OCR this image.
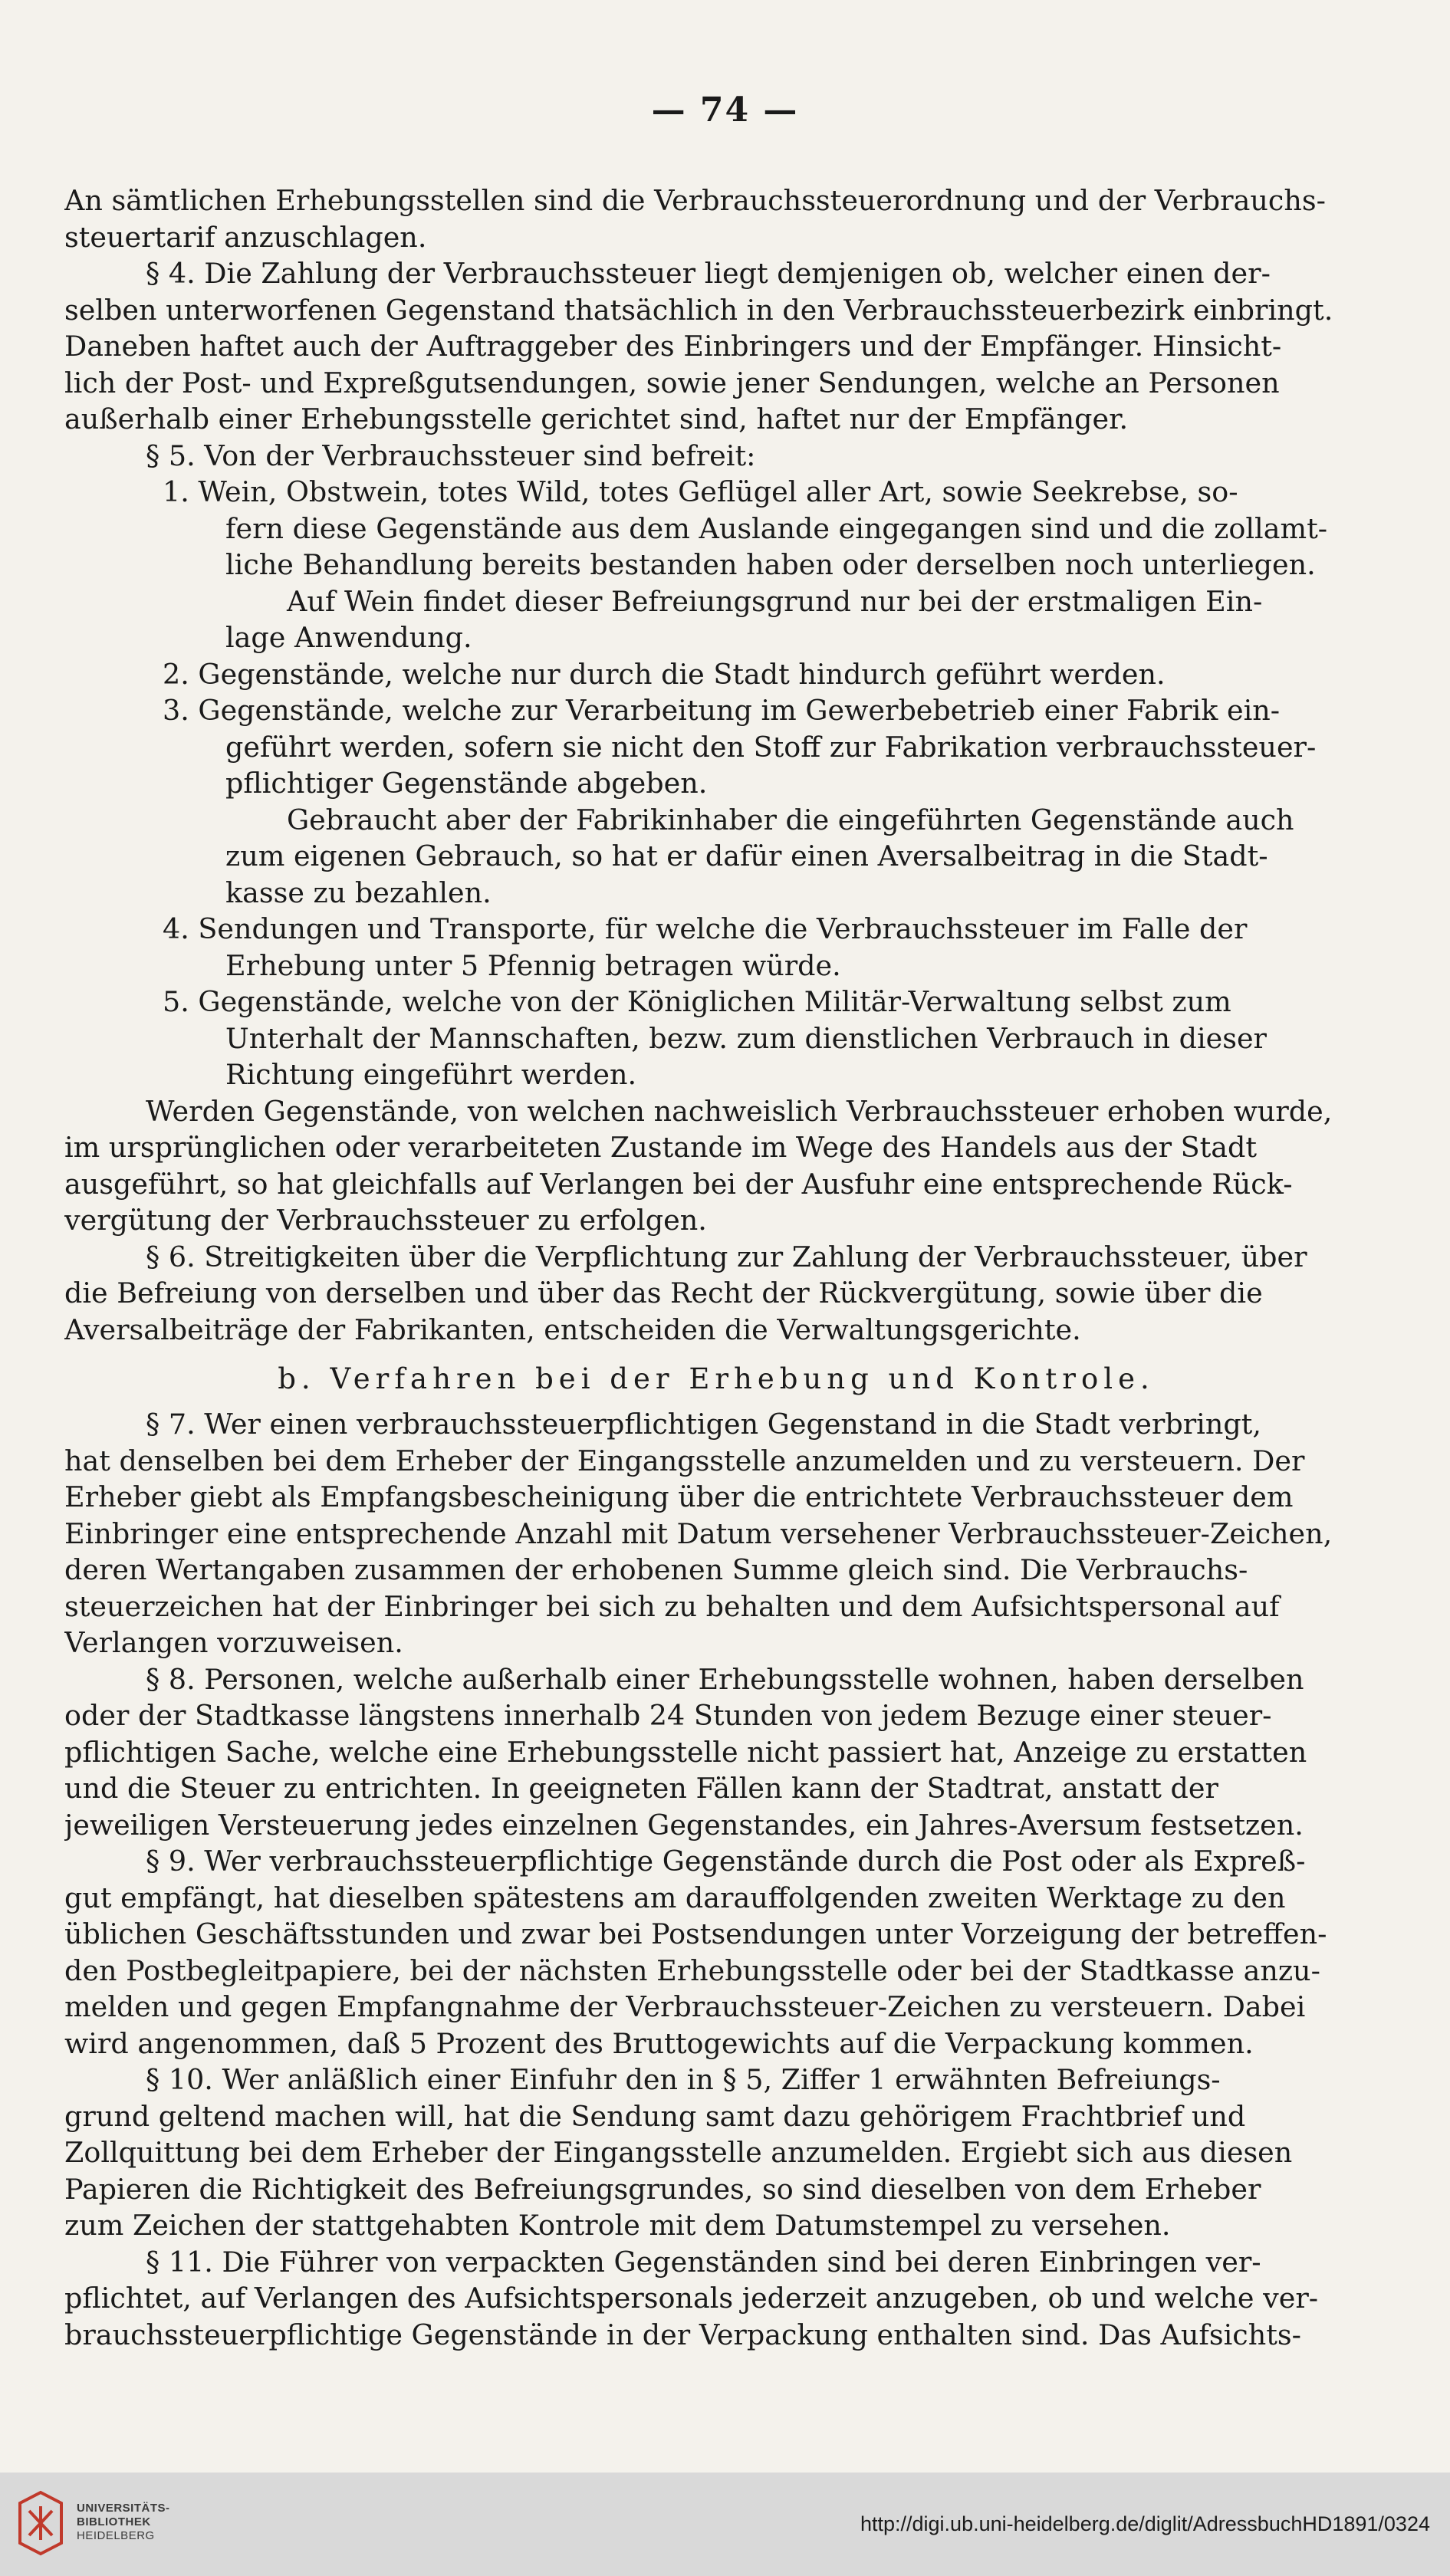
— 74 —
An sämtlichen Erhebungsstellen sind die Verbrauchssteuerordnung und der Verbrauchs-
steuertarif anzuschlagen.
§ 4. Die Zahlung der Verbrauchssteuer liegt demjenigen ob, welcher einen der-
selben unterworfenen Gegenstand thatsächlich in den Verbrauchssteuerbezirk einbringt.
Daneben haftet auch der Auftraggeber des Einbringers und der Empfänger. Hinsicht-
lich der Post- und Expreßgutsendungen, sowie jener Sendungen, welche an Personen
außerhalb einer Erhebungsstelle gerichtet sind, haftet nur der Empfänger.
§ 5. Von der Verbrauchssteuer sind befreit:
1. Wein, Obstwein, totes Wild, totes Geflügel aller Art, sowie Seekrebse, so-
fern diese Gegenstände aus dem Auslande eingegangen sind und die zollamt-
liche Behandlung bereits bestanden haben oder derselben noch unterliegen.
Auf Wein findet dieser Befreiungsgrund nur bei der erstmaligen Ein-
lage Anwendung.
2. Gegenstände, welche nur durch die Stadt hindurch geführt werden.
3. Gegenstände, welche zur Verarbeitung im Gewerbebetrieb einer Fabrik ein-
geführt werden, sofern sie nicht den Stoff zur Fabrikation verbrauchssteuer-
pflichtiger Gegenstände abgeben.
Gebraucht aber der Fabrikinhaber die eingeführten Gegenstände auch
zum eigenen Gebrauch, so hat er dafür einen Aversalbeitrag in die Stadt-
kasse zu bezahlen.
4. Sendungen und Transporte, für welche die Verbrauchssteuer im Falle der
Erhebung unter 5 Pfennig betragen würde.
5. Gegenstände, welche von der Königlichen Militär-Verwaltung selbst zum
Unterhalt der Mannschaften, bezw. zum dienstlichen Verbrauch in dieser
Richtung eingeführt werden.
Werden Gegenstände, von welchen nachweislich Verbrauchssteuer erhoben wurde,
im ursprünglichen oder verarbeiteten Zustande im Wege des Handels aus der Stadt
ausgeführt, so hat gleichfalls auf Verlangen bei der Ausfuhr eine entsprechende Rück-
vergütung der Verbrauchssteuer zu erfolgen.
§ 6. Streitigkeiten über die Verpflichtung zur Zahlung der Verbrauchssteuer, über
die Befreiung von derselben und über das Recht der Rückvergütung, sowie über die
Aversalbeiträge der Fabrikanten, entscheiden die Verwaltungsgerichte.
b. Verfahren bei der Erhebung und Kontrole.
§ 7. Wer einen verbrauchssteuerpflichtigen Gegenstand in die Stadt verbringt,
hat denselben bei dem Erheber der Eingangsstelle anzumelden und zu versteuern. Der
Erheber giebt als Empfangsbescheinigung über die entrichtete Verbrauchssteuer dem
Einbringer eine entsprechende Anzahl mit Datum versehener Verbrauchssteuer-Zeichen,
deren Wertangaben zusammen der erhobenen Summe gleich sind. Die Verbrauchs-
steuerzeichen hat der Einbringer bei sich zu behalten und dem Aufsichtspersonal auf
Verlangen vorzuweisen.
§ 8. Personen, welche außerhalb einer Erhebungsstelle wohnen, haben derselben
oder der Stadtkasse längstens innerhalb 24 Stunden von jedem Bezuge einer steuer-
pflichtigen Sache, welche eine Erhebungsstelle nicht passiert hat, Anzeige zu erstatten
und die Steuer zu entrichten. In geeigneten Fällen kann der Stadtrat, anstatt der
jeweiligen Versteuerung jedes einzelnen Gegenstandes, ein Jahres-Aversum festsetzen.
§ 9. Wer verbrauchssteuerpflichtige Gegenstände durch die Post oder als Expreß-
gut empfängt, hat dieselben spätestens am darauffolgenden zweiten Werktage zu den
üblichen Geschäftsstunden und zwar bei Postsendungen unter Vorzeigung der betreffen-
den Postbegleitpapiere, bei der nächsten Erhebungsstelle oder bei der Stadtkasse anzu-
melden und gegen Empfangnahme der Verbrauchssteuer-Zeichen zu versteuern. Dabei
wird angenommen, daß 5 Prozent des Bruttogewichts auf die Verpackung kommen.
§ 10. Wer anläßlich einer Einfuhr den in § 5, Ziffer 1 erwähnten Befreiungs-
grund geltend machen will, hat die Sendung samt dazu gehörigem Frachtbrief und
Zollquittung bei dem Erheber der Eingangsstelle anzumelden. Ergiebt sich aus diesen
Papieren die Richtigkeit des Befreiungsgrundes, so sind dieselben von dem Erheber
zum Zeichen der stattgehabten Kontrole mit dem Datumstempel zu versehen.
§ 11. Die Führer von verpackten Gegenständen sind bei deren Einbringen ver-
pflichtet, auf Verlangen des Aufsichtspersonals jederzeit anzugeben, ob und welche ver-
brauchssteuerpflichtige Gegenstände in der Verpackung enthalten sind. Das Aufsichts-
UNIVERSITÄTS-
BIBLIOTHEK
HEIDELBERG
http://digi.ub.uni-heidelberg.de/diglit/AdressbuchHD1891/0324
